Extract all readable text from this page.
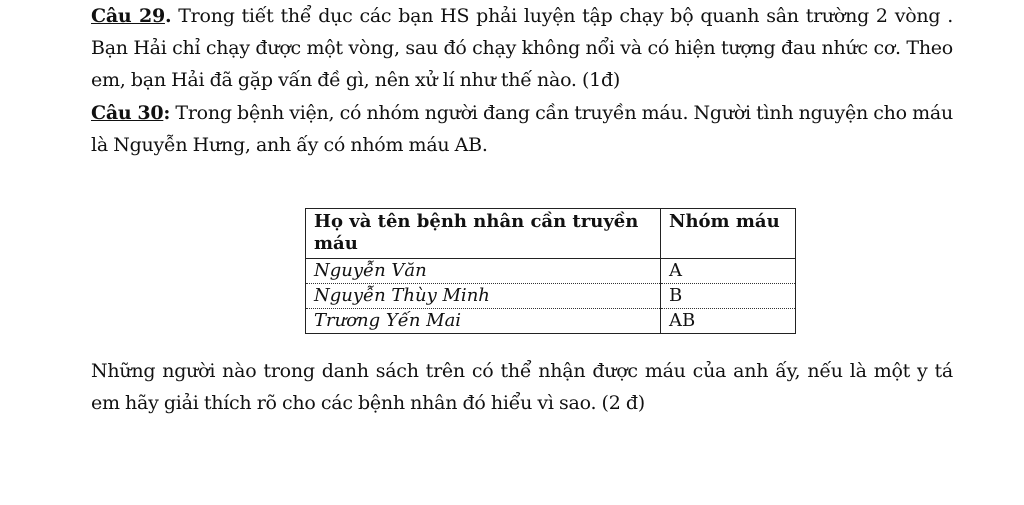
Câu 29. Trong tiết thể dục các bạn HS phải luyện tập chạy bộ quanh sân trường 2 vòng . Bạn Hải chỉ chạy được một vòng, sau đó chạy không nổi và có hiện tượng đau nhức cơ. Theo em, bạn Hải đã gặp vấn đề gì, nên xử lí như thế nào. (1đ)

Câu 30: Trong bệnh viện, có nhóm người đang cần truyền máu. Người tình nguyện cho máu là Nguyễn Hưng, anh ấy có nhóm máu AB.

Họ và tên bệnh nhân cần truyền máu	Nhóm máu
Nguyễn Văn	A
Nguyễn Thùy Minh	B
Trương Yến Mai	AB

Những người nào trong danh sách trên có thể nhận được máu của anh ấy, nếu là một y tá em hãy giải thích rõ cho các bệnh nhân đó hiểu vì sao. (2 đ)
